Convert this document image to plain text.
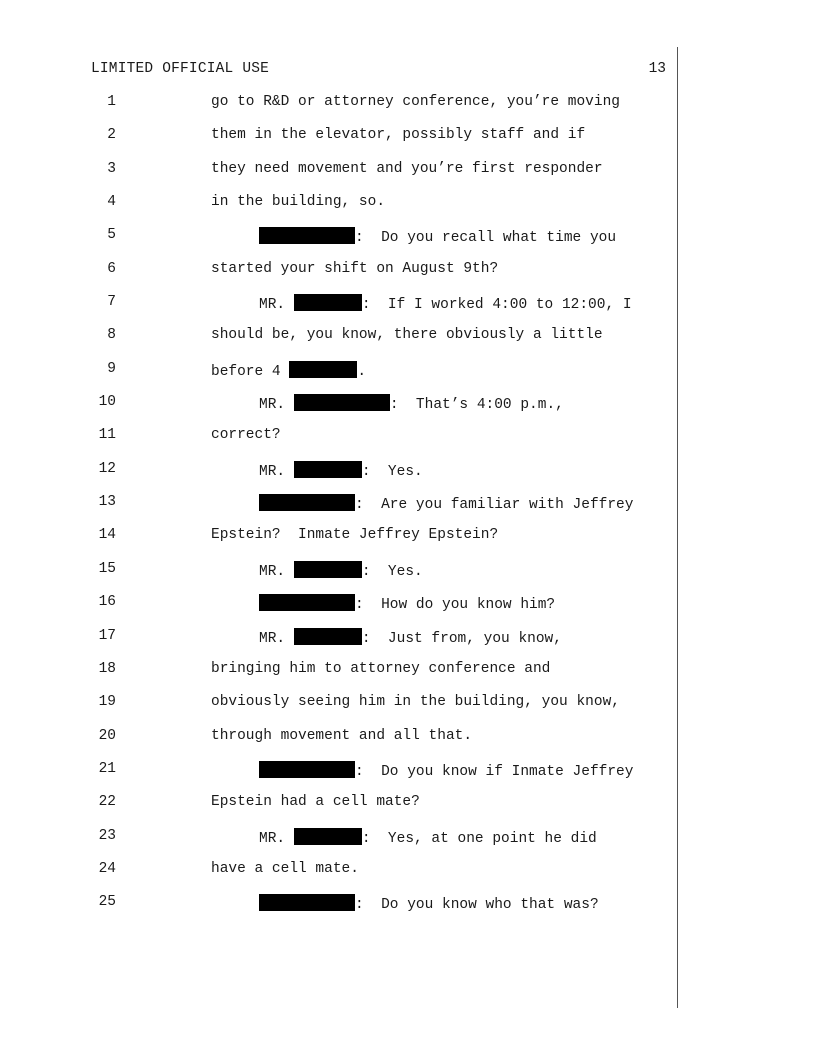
LIMITED OFFICIAL USE	13
1	go to R&D or attorney conference, you’re moving
2	them in the elevator, possibly staff and if
3	they need movement and you’re first responder
4	in the building, so.
5	:  Do you recall what time you
6	started your shift on August 9th?
7	MR.	:  If I worked 4:00 to 12:00, I
8	should be, you know, there obviously a little
9	before 4	.
10	MR.	:  That’s 4:00 p.m.,
11	correct?
12	MR.	:  Yes.
13	:  Are you familiar with Jeffrey
14	Epstein?  Inmate Jeffrey Epstein?
15	MR.	:  Yes.
16	:  How do you know him?
17	MR.	:  Just from, you know,
18	bringing him to attorney conference and
19	obviously seeing him in the building, you know,
20	through movement and all that.
21	:  Do you know if Inmate Jeffrey
22	Epstein had a cell mate?
23	MR.	:  Yes, at one point he did
24	have a cell mate.
25	:  Do you know who that was?
